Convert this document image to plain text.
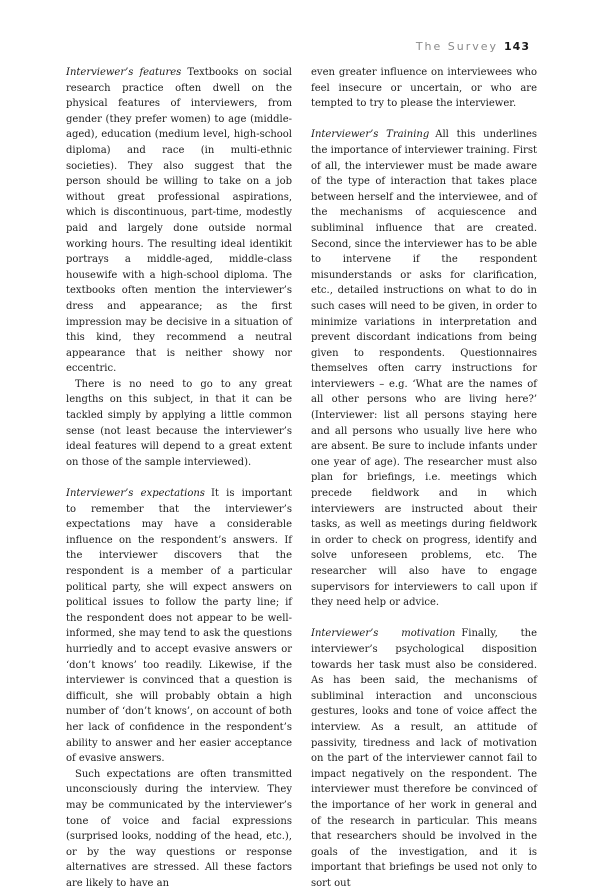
The Survey 143

Interviewer’s features Textbooks on social research practice often dwell on the physical features of interviewers, from gender (they prefer women) to age (middle-aged), education (medium level, high-school diploma) and race (in multi-ethnic societies). They also suggest that the person should be willing to take on a job without great professional aspirations, which is discontinuous, part-time, modestly paid and largely done outside normal working hours. The resulting ideal identikit portrays a middle-aged, middle-class housewife with a high-school diploma. The textbooks often mention the interviewer’s dress and appearance; as the first impression may be decisive in a situation of this kind, they recommend a neutral appearance that is neither showy nor eccentric.

There is no need to go to any great lengths on this subject, in that it can be tackled simply by applying a little common sense (not least because the interviewer’s ideal features will depend to a great extent on those of the sample interviewed).

Interviewer’s expectations It is important to remember that the interviewer’s expectations may have a considerable influence on the respondent’s answers. If the interviewer discovers that the respondent is a member of a particular political party, she will expect answers on political issues to follow the party line; if the respondent does not appear to be well-informed, she may tend to ask the questions hurriedly and to accept evasive answers or ‘don’t knows’ too readily. Likewise, if the interviewer is convinced that a question is difficult, she will probably obtain a high number of ‘don’t knows’, on account of both her lack of confidence in the respondent’s ability to answer and her easier acceptance of evasive answers.

Such expectations are often transmitted unconsciously during the interview. They may be communicated by the interviewer’s tone of voice and facial expressions (surprised looks, nodding of the head, etc.), or by the way questions or response alternatives are stressed. All these factors are likely to have an

even greater influence on interviewees who feel insecure or uncertain, or who are tempted to try to please the interviewer.

Interviewer’s Training All this underlines the importance of interviewer training. First of all, the interviewer must be made aware of the type of interaction that takes place between herself and the interviewee, and of the mechanisms of acquiescence and subliminal influence that are created. Second, since the interviewer has to be able to intervene if the respondent misunderstands or asks for clarification, etc., detailed instructions on what to do in such cases will need to be given, in order to minimize variations in interpretation and prevent discordant indications from being given to respondents. Questionnaires themselves often carry instructions for interviewers – e.g. ‘What are the names of all other persons who are living here?’ (Interviewer: list all persons staying here and all persons who usually live here who are absent. Be sure to include infants under one year of age). The researcher must also plan for briefings, i.e. meetings which precede fieldwork and in which interviewers are instructed about their tasks, as well as meetings during fieldwork in order to check on progress, identify and solve unforeseen problems, etc. The researcher will also have to engage supervisors for interviewers to call upon if they need help or advice.

Interviewer’s motivation Finally, the interviewer’s psychological disposition towards her task must also be considered. As has been said, the mechanisms of subliminal interaction and unconscious gestures, looks and tone of voice affect the interview. As a result, an attitude of passivity, tiredness and lack of motivation on the part of the interviewer cannot fail to impact negatively on the respondent. The interviewer must therefore be convinced of the importance of her work in general and of the research in particular. This means that researchers should be involved in the goals of the investigation, and it is important that briefings be used not only to sort out
